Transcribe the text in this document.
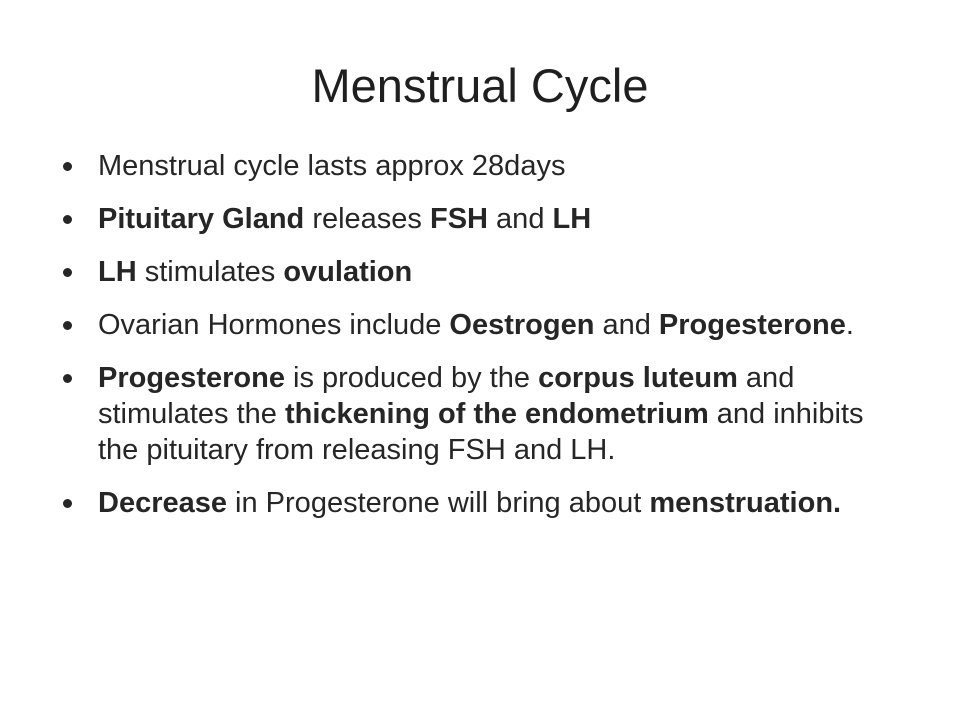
Menstrual Cycle
Menstrual cycle lasts approx 28days
Pituitary Gland releases FSH and LH
LH stimulates ovulation
Ovarian Hormones include Oestrogen and Progesterone.
Progesterone is produced by the corpus luteum and stimulates the thickening of the endometrium and inhibits the pituitary from releasing FSH and LH.
Decrease in Progesterone will bring about menstruation.
